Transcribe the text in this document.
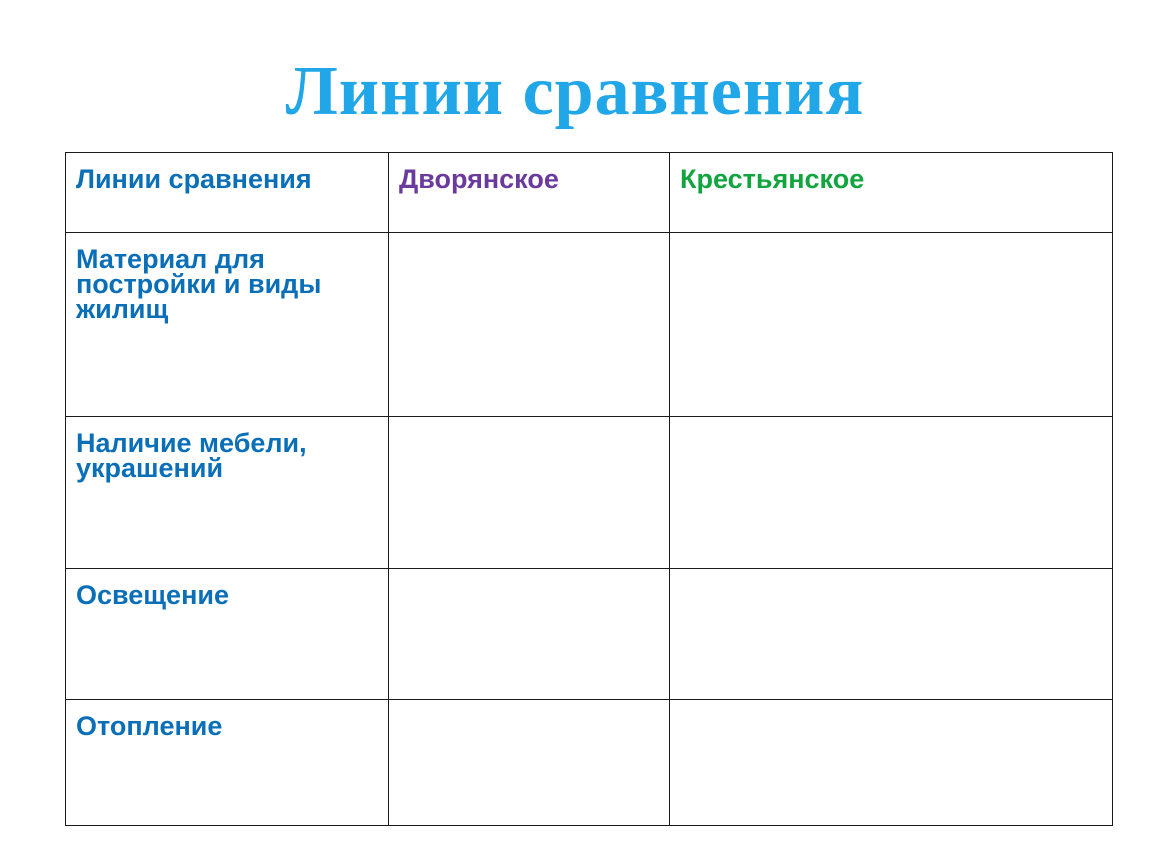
Линии сравнения
Линии сравнения	Дворянское	Крестьянское
Материал для постройки и виды жилищ		
Наличие мебели, украшений		
Освещение		
Отопление		
